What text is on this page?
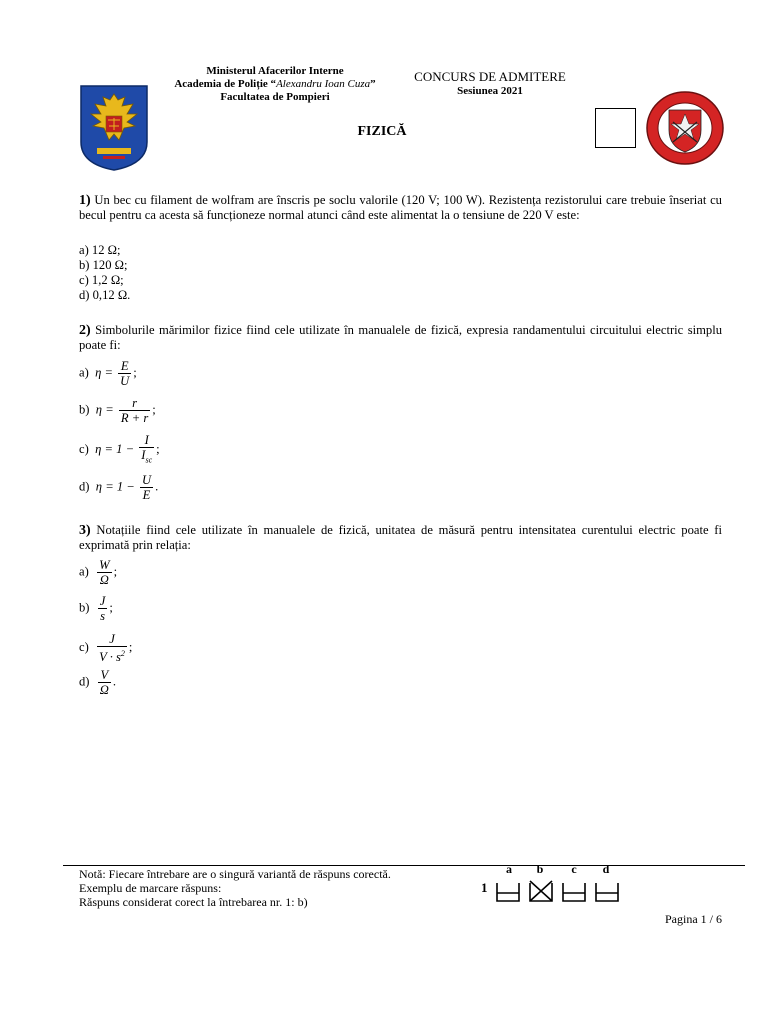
Ministerul Afacerilor Interne
Academia de Poliție “Alexandru Ioan Cuza”
Facultatea de Pompieri
CONCURS DE ADMITERE
Sesiunea 2021
FIZICĂ
1) Un bec cu filament de wolfram are înscris pe soclu valorile (120 V; 100 W). Rezistența rezistorului care trebuie înseriat cu becul pentru ca acesta să funcționeze normal atunci când este alimentat la o tensiune de 220 V este:
a) 12 Ω;
b) 120 Ω;
c) 1,2 Ω;
d) 0,12 Ω.
2) Simbolurile mărimilor fizice fiind cele utilizate în manualele de fizică, expresia randamentului circuitului electric simplu poate fi:
a) $\eta = \frac{E}{U}$ ;
b) $\eta = \frac{r}{R + r}$ ;
c) $\eta = 1 - \frac{I}{I_{sc}}$ ;
d) $\eta = 1 - \frac{U}{E}$ .
3) Notațiile fiind cele utilizate în manualele de fizică, unitatea de măsură pentru intensitatea curentului electric poate fi exprimată prin relația:
$a) \frac{W}{\Omega}$ ;
$b) \frac{J}{s}$ ;
$c) \frac{J}{V \cdot s^2}$ ;
$d) \frac{V}{\Omega}$ .
Notă: Fiecare întrebare are o singură variantă de răspuns corectă.
Exemplu de marcare răspuns:
Răspuns considerat corect la întrebarea nr. 1: b)
1
a b c d
Pagina 1 / 6
